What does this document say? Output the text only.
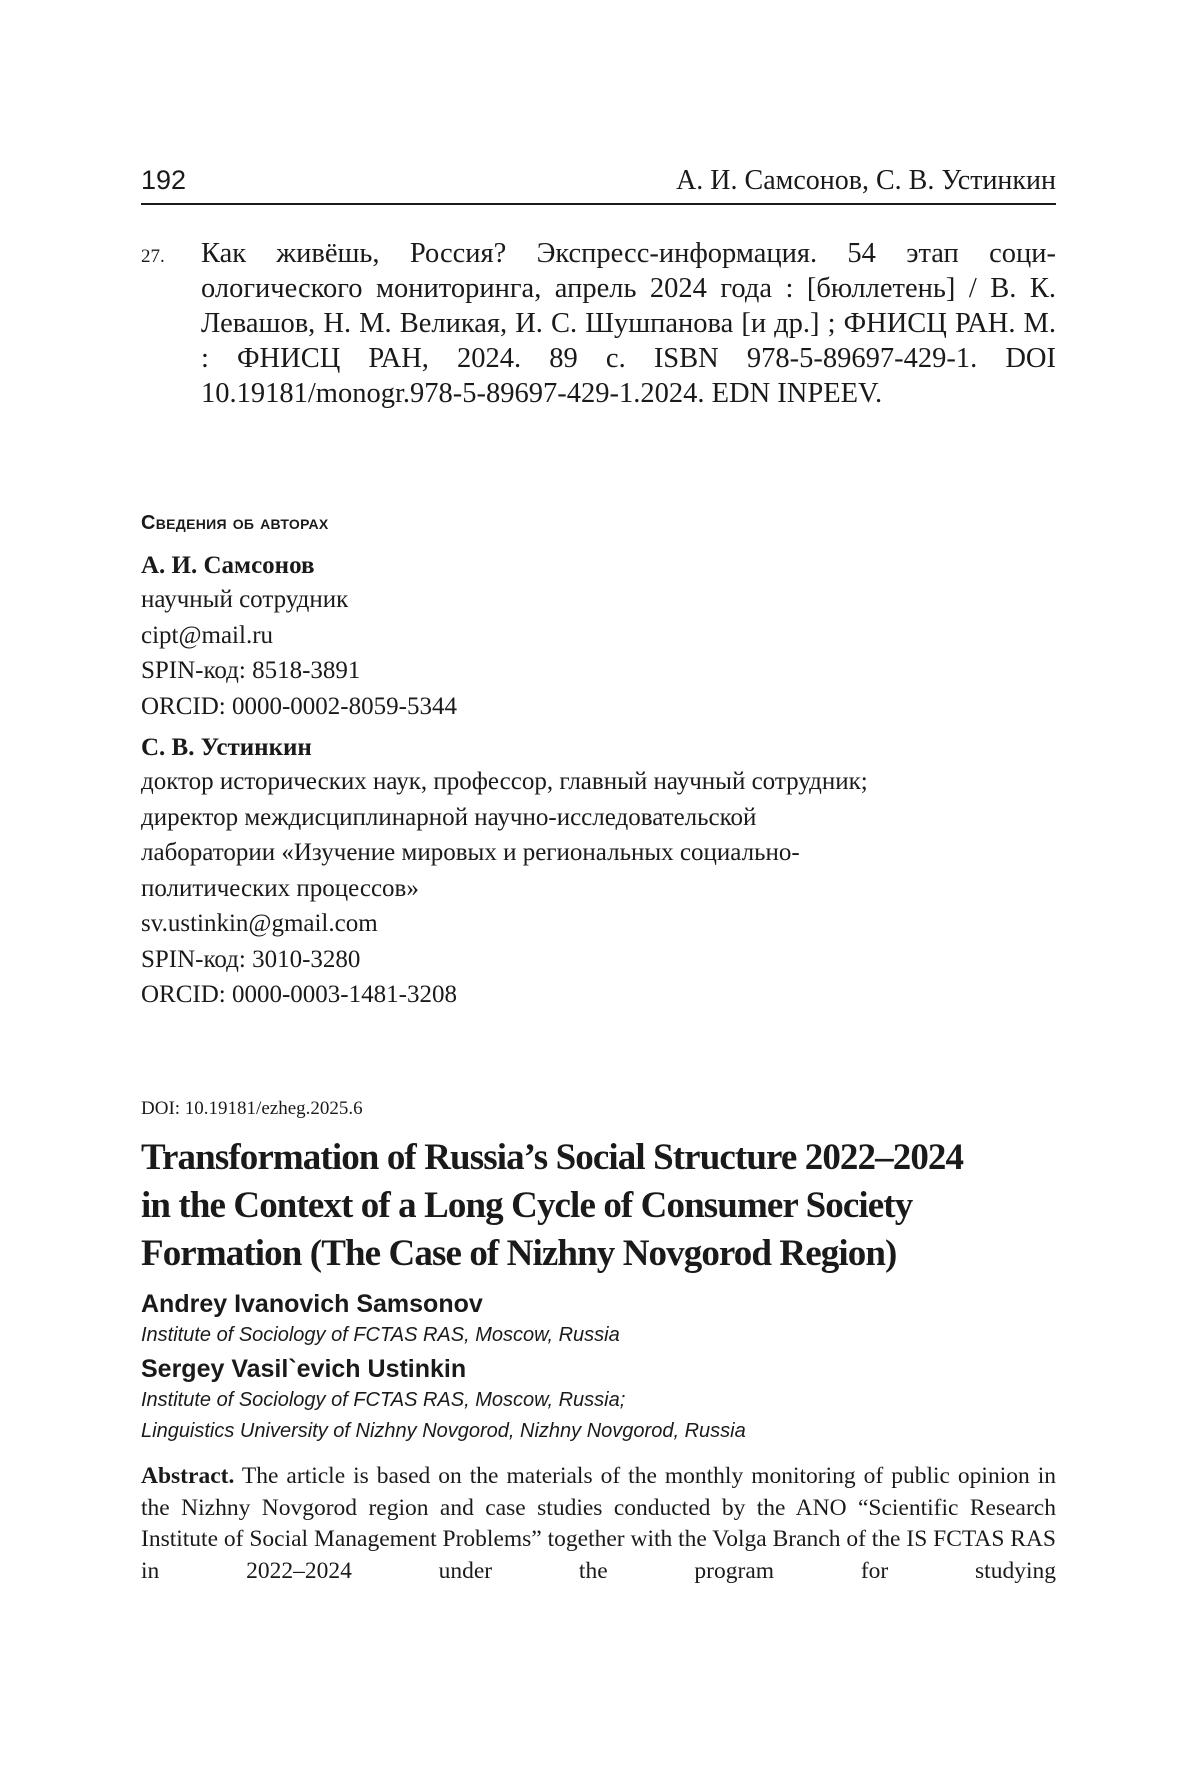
192	А. И. Самсонов, С. В. Устинкин
27. Как живёшь, Россия? Экспресс-информация. 54 этап социологического мониторинга, апрель 2024 года : [бюллетень] / В. К. Левашов, Н. М. Великая, И. С. Шушпанова [и др.] ; ФНИСЦ РАН. М. : ФНИСЦ РАН, 2024. 89 с. ISBN 978-5-89697-429-1. DOI 10.19181/monogr.978-5-89697-429-1.2024. EDN INPEEV.
Сведения об авторах
А. И. Самсонов
научный сотрудник
cipt@mail.ru
SPIN-код: 8518-3891
ORCID: 0000-0002-8059-5344
С. В. Устинкин
доктор исторических наук, профессор, главный научный сотрудник;
директор междисциплинарной научно-исследовательской
лаборатории «Изучение мировых и региональных социально-
политических процессов»
sv.ustinkin@gmail.com
SPIN-код: 3010-3280
ORCID: 0000-0003-1481-3208
DOI: 10.19181/ezheg.2025.6
Transformation of Russia’s Social Structure 2022–2024
in the Context of a Long Cycle of Consumer Society
Formation (The Case of Nizhny Novgorod Region)
Andrey Ivanovich Samsonov
Institute of Sociology of FCTAS RAS, Moscow, Russia
Sergey Vasil`evich Ustinkin
Institute of Sociology of FCTAS RAS, Moscow, Russia;
Linguistics University of Nizhny Novgorod, Nizhny Novgorod, Russia
Abstract. The article is based on the materials of the monthly monitoring of public opinion in the Nizhny Novgorod region and case studies conducted by the ANO “Scientific Research Institute of Social Management Problems” together with the Volga Branch of the IS FCTAS RAS in 2022–2024 under the program for studying
